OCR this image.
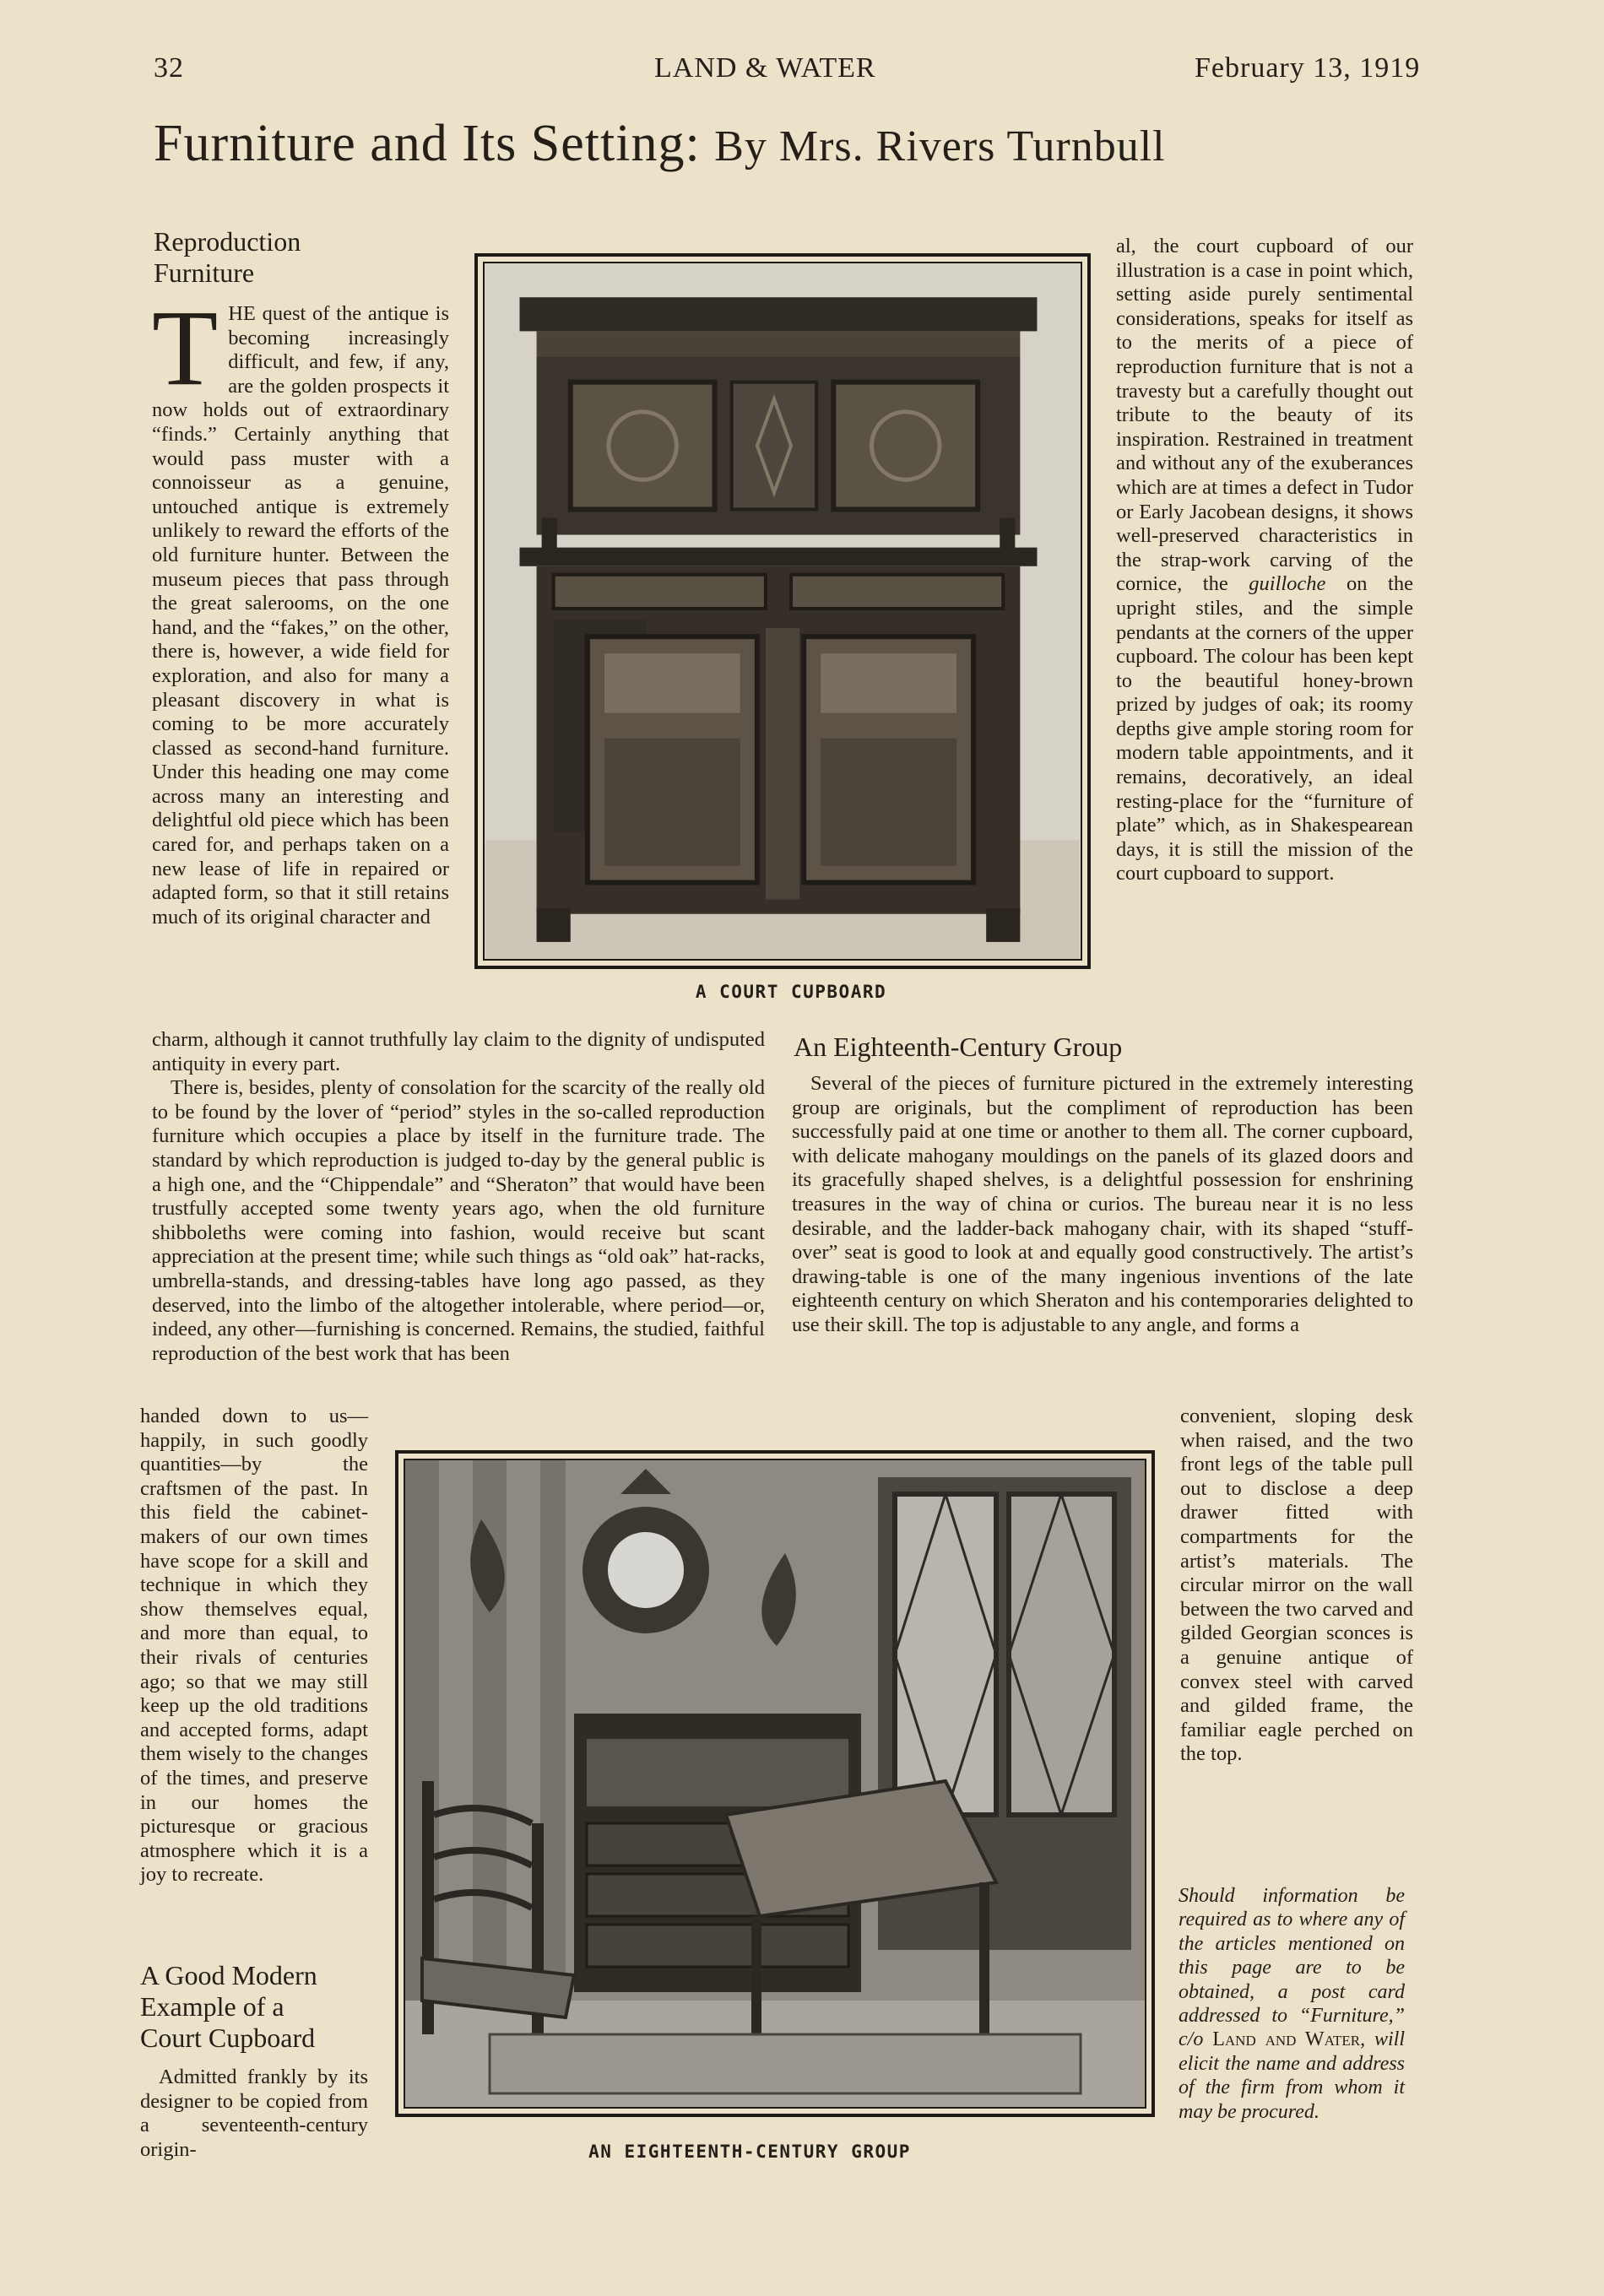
32	LAND & WATER	February 13, 1919
Furniture and Its Setting: By Mrs. Rivers Turnbull
Reproduction
Furniture

T HE quest of the antique is becoming increasingly difficult, and few, if any, are the golden prospects it now holds out of extraordinary “finds.” Certainly anything that would pass muster with a connoisseur as a genuine, untouched antique is extremely unlikely to reward the efforts of the old furniture hunter. Between the museum pieces that pass through the great salerooms, on the one hand, and the “fakes,” on the other, there is, however, a wide field for exploration, and also for many a pleasant discovery in what is coming to be more accurately classed as second-hand furniture. Under this heading one may come across many an interesting and delightful old piece which has been cared for, and perhaps taken on a new lease of life in repaired or adapted form, so that it still retains much of its original character and

A COURT CUPBOARD

al, the court cupboard of our illustration is a case in point which, setting aside purely sentimental considerations, speaks for itself as to the merits of a piece of reproduction furniture that is not a travesty but a carefully thought out tribute to the beauty of its inspiration. Restrained in treatment and without any of the exuberances which are at times a defect in Tudor or Early Jacobean designs, it shows well-preserved characteristics in the strap-work carving of the cornice, the guilloche on the upright stiles, and the simple pendants at the corners of the upper cupboard. The colour has been kept to the beautiful honey-brown prized by judges of oak; its roomy depths give ample storing room for modern table appointments, and it remains, decoratively, an ideal resting-place for the “furniture of plate” which, as in Shakespearean days, it is still the mission of the court cupboard to support.

charm, although it cannot truthfully lay claim to the dignity of undisputed antiquity in every part.

There is, besides, plenty of consolation for the scarcity of the really old to be found by the lover of “period” styles in the so-called reproduction furniture which occupies a place by itself in the furniture trade. The standard by which reproduction is judged to-day by the general public is a high one, and the “Chippendale” and “Sheraton” that would have been trustfully accepted some twenty years ago, when the old furniture shibboleths were coming into fashion, would receive but scant appreciation at the present time; while such things as “old oak” hat-racks, umbrella-stands, and dressing-tables have long ago passed, as they deserved, into the limbo of the altogether intolerable, where period—or, indeed, any other—furnishing is concerned. Remains, the studied, faithful reproduction of the best work that has been

An Eighteenth-Century Group

Several of the pieces of furniture pictured in the extremely interesting group are originals, but the compliment of reproduction has been successfully paid at one time or another to them all. The corner cupboard, with delicate mahogany mouldings on the panels of its glazed doors and its gracefully shaped shelves, is a delightful possession for enshrining treasures in the way of china or curios. The bureau near it is no less desirable, and the ladder-back mahogany chair, with its shaped “stuff-over” seat is good to look at and equally good constructively. The artist’s drawing-table is one of the many ingenious inventions of the late eighteenth century on which Sheraton and his contemporaries delighted to use their skill. The top is adjustable to any angle, and forms a

handed down to us—happily, in such goodly quantities—by the craftsmen of the past. In this field the cabinet-makers of our own times have scope for a skill and technique in which they show themselves equal, and more than equal, to their rivals of centuries ago; so that we may still keep up the old traditions and accepted forms, adapt them wisely to the changes of the times, and preserve in our homes the picturesque or gracious atmosphere which it is a joy to recreate.

A Good Modern
Example of a
Court Cupboard

Admitted frankly by its designer to be copied from a seventeenth-century origin-	AN EIGHTEENTH-CENTURY GROUP

convenient, sloping desk when raised, and the two front legs of the table pull out to disclose a deep drawer fitted with compartments for the artist’s materials. The circular mirror on the wall between the two carved and gilded Georgian sconces is a genuine antique of convex steel with carved and gilded frame, the familiar eagle perched on the top.

Should information be required as to where any of the articles mentioned on this page are to be obtained, a post card addressed to “Furniture,” c/o Land and Water, will elicit the name and address of the firm from whom it may be procured.
